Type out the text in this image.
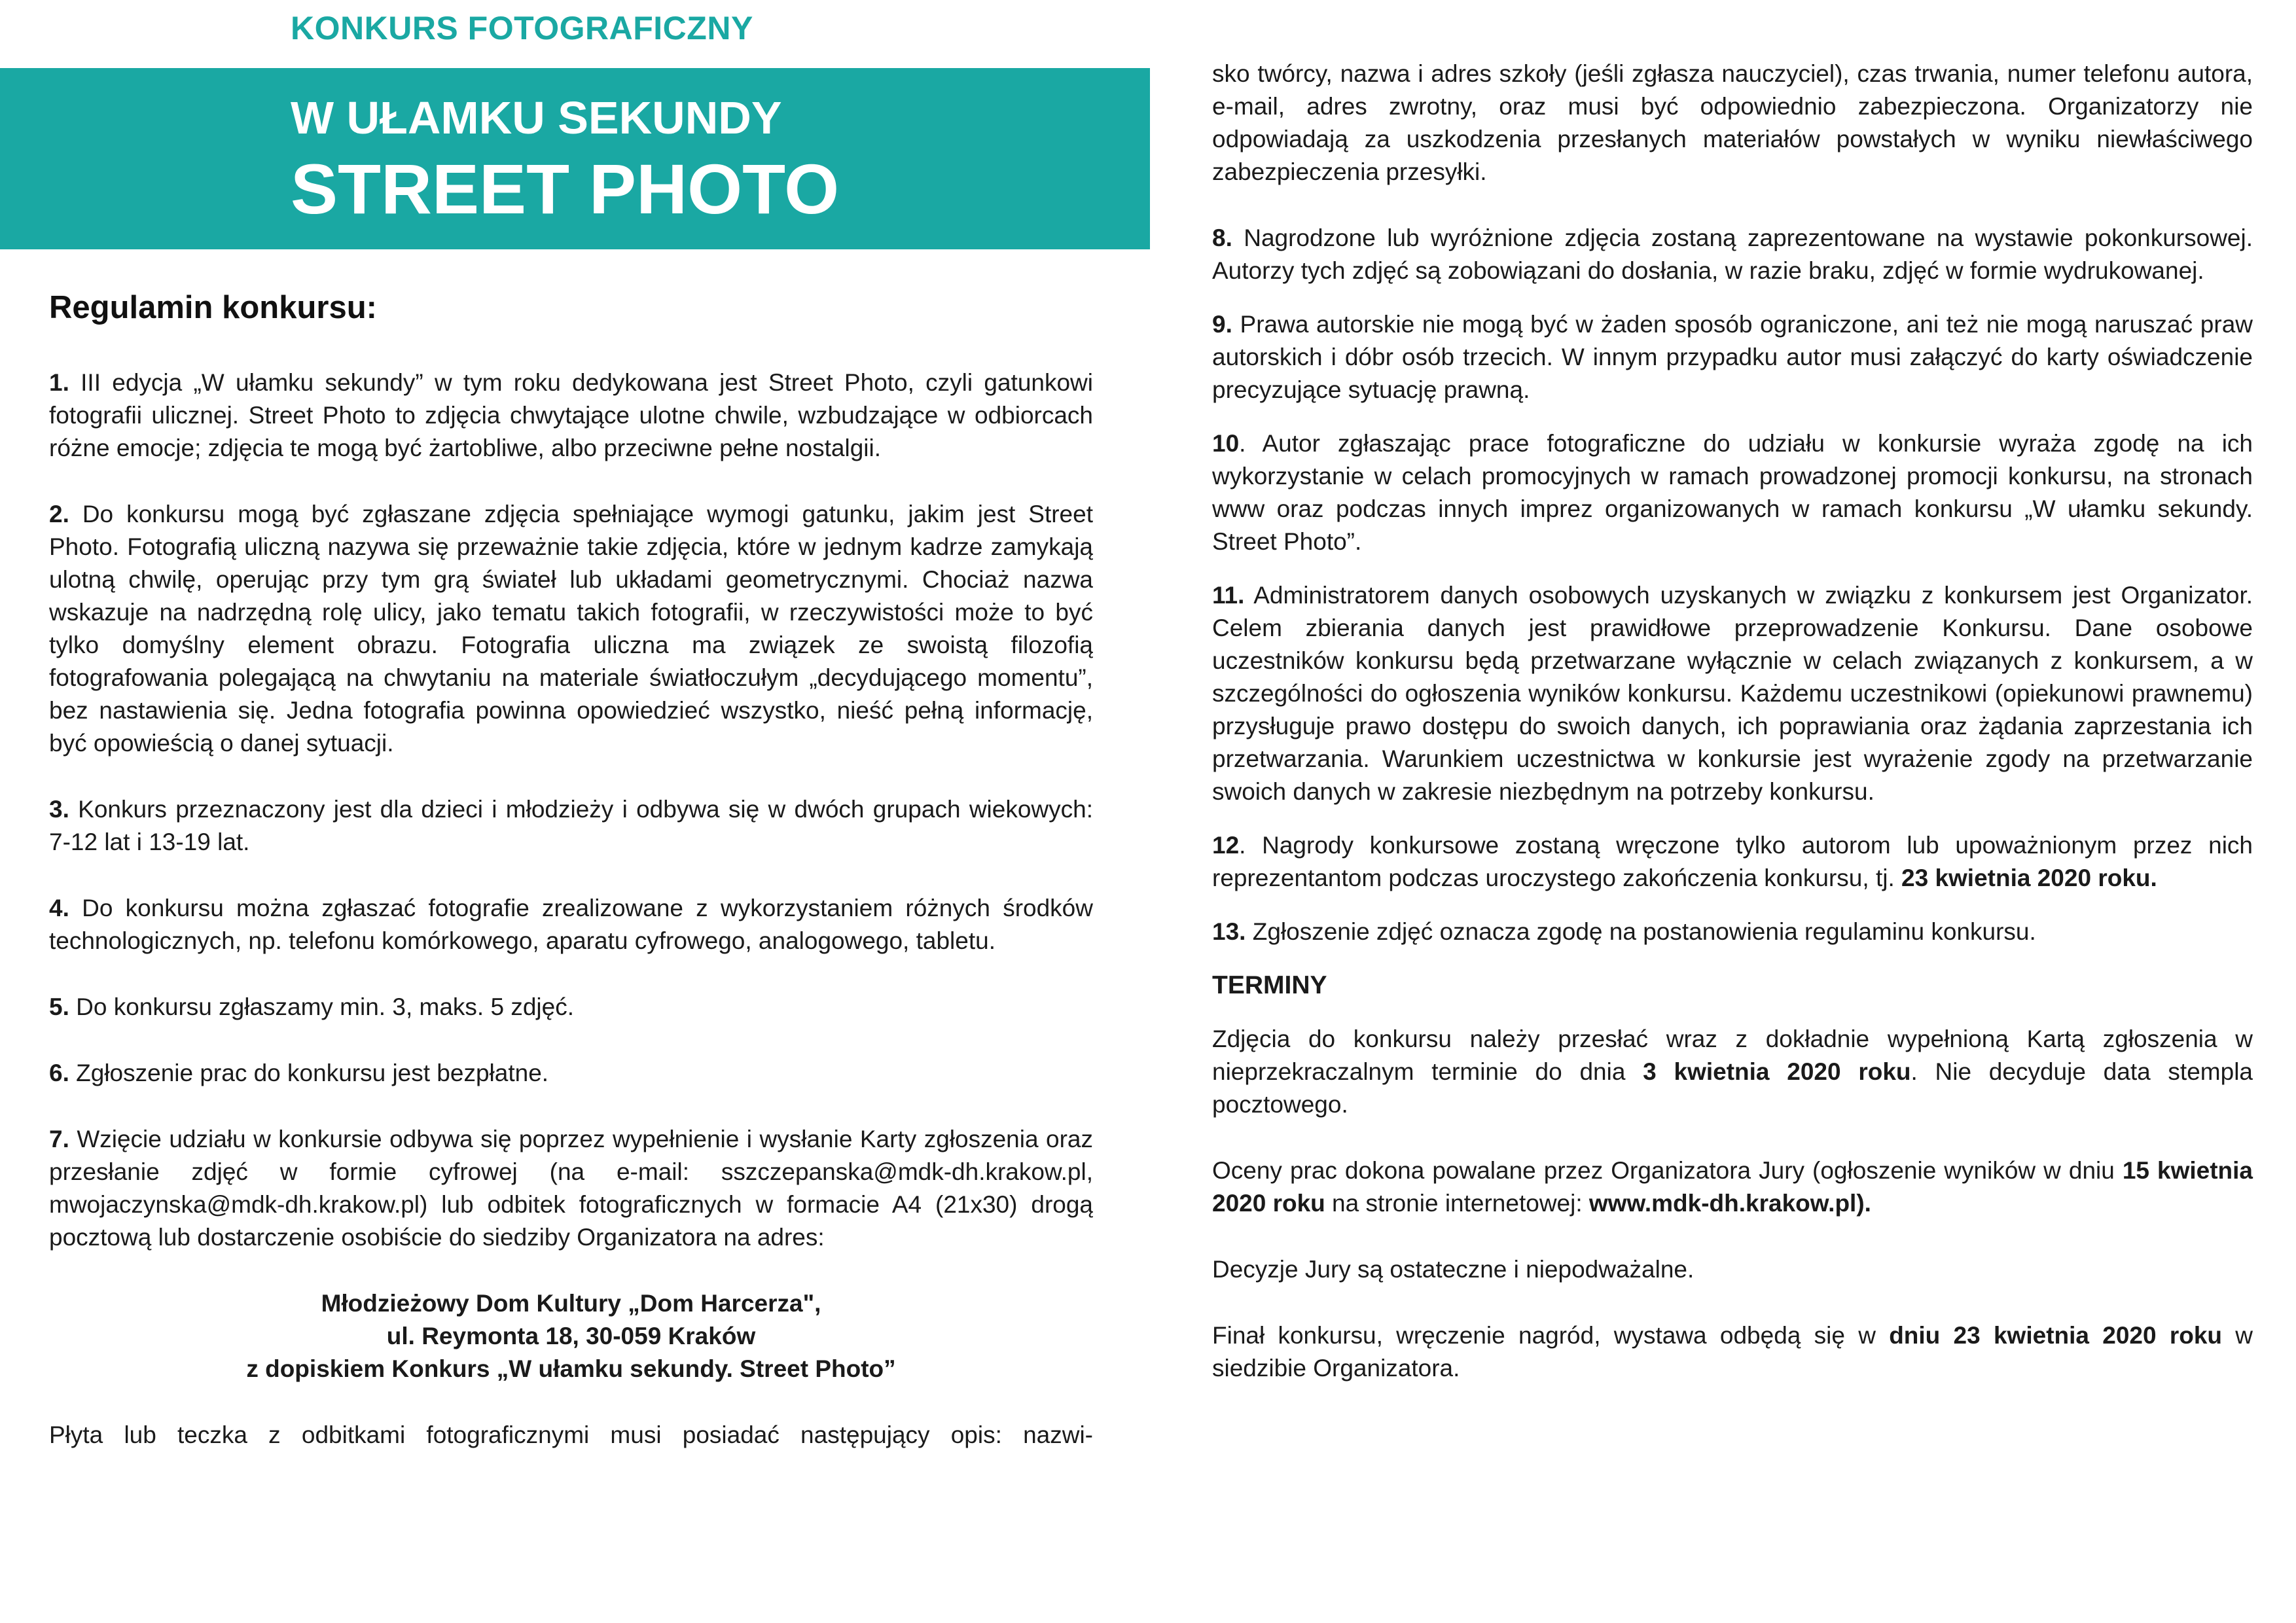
KONKURS FOTOGRAFICZNY
W UŁAMKU SEKUNDY
STREET PHOTO
Regulamin konkursu:

1. III edycja „W ułamku sekundy” w tym roku dedykowana jest Street Photo, czyli gatunkowi fotografii ulicznej. Street Photo to zdjęcia chwytające ulotne chwile, wzbudzające w odbiorcach różne emocje; zdjęcia te mogą być żartobliwe, albo przeciwne pełne nostalgii.

2. Do konkursu mogą być zgłaszane zdjęcia spełniające wymogi gatunku, jakim jest Street Photo. Fotografią uliczną nazywa się przeważnie takie zdjęcia, które w jednym kadrze zamykają ulotną chwilę, operując przy tym grą świateł lub układami geometrycznymi. Chociaż nazwa wskazuje na nadrzędną rolę ulicy, jako tematu takich fotografii, w rzeczywistości może to być tylko domyślny element obrazu. Fotografia uliczna ma związek ze swoistą filozofią fotografowania polegającą na chwytaniu na materiale światłoczułym „decydującego momentu”, bez nastawienia się. Jedna fotografia powinna opowiedzieć wszystko, nieść pełną informację, być opowieścią o danej sytuacji.

3. Konkurs przeznaczony jest dla dzieci i młodzieży i odbywa się w dwóch grupach wiekowych: 7-12 lat i 13-19 lat.

4. Do konkursu można zgłaszać fotografie zrealizowane z wykorzystaniem różnych środków technologicznych, np. telefonu komórkowego, aparatu cyfrowego, analogowego, tabletu.

5. Do konkursu zgłaszamy min. 3, maks. 5 zdjęć.

6. Zgłoszenie prac do konkursu jest bezpłatne.

7. Wzięcie udziału w konkursie odbywa się poprzez wypełnienie i wysłanie Karty zgłoszenia oraz przesłanie zdjęć w formie cyfrowej (na e-mail: sszczepanska@mdk-dh.krakow.pl, mwojaczynska@mdk-dh.krakow.pl) lub odbitek fotograficznych w formacie A4 (21x30) drogą pocztową lub dostarczenie osobiście do siedziby Organizatora na adres:

Młodzieżowy Dom Kultury „Dom Harcerza",
ul. Reymonta 18, 30-059 Kraków
z dopiskiem Konkurs „W ułamku sekundy. Street Photo”

Płyta lub teczka z odbitkami fotograficznymi musi posiadać następujący opis: nazwi-

sko twórcy, nazwa i adres szkoły (jeśli zgłasza nauczyciel), czas trwania, numer telefonu autora, e-mail, adres zwrotny, oraz musi być odpowiednio zabezpieczona. Organizatorzy nie odpowiadają za uszkodzenia przesłanych materiałów powstałych w wyniku niewłaściwego zabezpieczenia przesyłki.

8. Nagrodzone lub wyróżnione zdjęcia zostaną zaprezentowane na wystawie pokonkursowej. Autorzy tych zdjęć są zobowiązani do dosłania, w razie braku, zdjęć w formie wydrukowanej.

9. Prawa autorskie nie mogą być w żaden sposób ograniczone, ani też nie mogą naruszać praw autorskich i dóbr osób trzecich. W innym przypadku autor musi załączyć do karty oświadczenie precyzujące sytuację prawną.

10. Autor zgłaszając prace fotograficzne do udziału w konkursie wyraża zgodę na ich wykorzystanie w celach promocyjnych w ramach prowadzonej promocji konkursu, na stronach www oraz podczas innych imprez organizowanych w ramach konkursu „W ułamku sekundy. Street Photo”.

11. Administratorem danych osobowych uzyskanych w związku z konkursem jest Organizator. Celem zbierania danych jest prawidłowe przeprowadzenie Konkursu. Dane osobowe uczestników konkursu będą przetwarzane wyłącznie w celach związanych z konkursem, a w szczególności do ogłoszenia wyników konkursu. Każdemu uczestnikowi (opiekunowi prawnemu) przysługuje prawo dostępu do swoich danych, ich poprawiania oraz żądania zaprzestania ich przetwarzania. Warunkiem uczestnictwa w konkursie jest wyrażenie zgody na przetwarzanie swoich danych w zakresie niezbędnym na potrzeby konkursu.

12. Nagrody konkursowe zostaną wręczone tylko autorom lub upoważnionym przez nich reprezentantom podczas uroczystego zakończenia konkursu, tj. 23 kwietnia 2020 roku.

13. Zgłoszenie zdjęć oznacza zgodę na postanowienia regulaminu konkursu.

TERMINY

Zdjęcia do konkursu należy przesłać wraz z dokładnie wypełnioną Kartą zgłoszenia w nieprzekraczalnym terminie do dnia 3 kwietnia 2020 roku. Nie decyduje data stempla pocztowego.

Oceny prac dokona powalane przez Organizatora Jury (ogłoszenie wyników w dniu 15 kwietnia 2020 roku na stronie internetowej: www.mdk-dh.krakow.pl).

Decyzje Jury są ostateczne i niepodważalne.

Finał konkursu, wręczenie nagród, wystawa odbędą się w dniu 23 kwietnia 2020 roku w siedzibie Organizatora.
